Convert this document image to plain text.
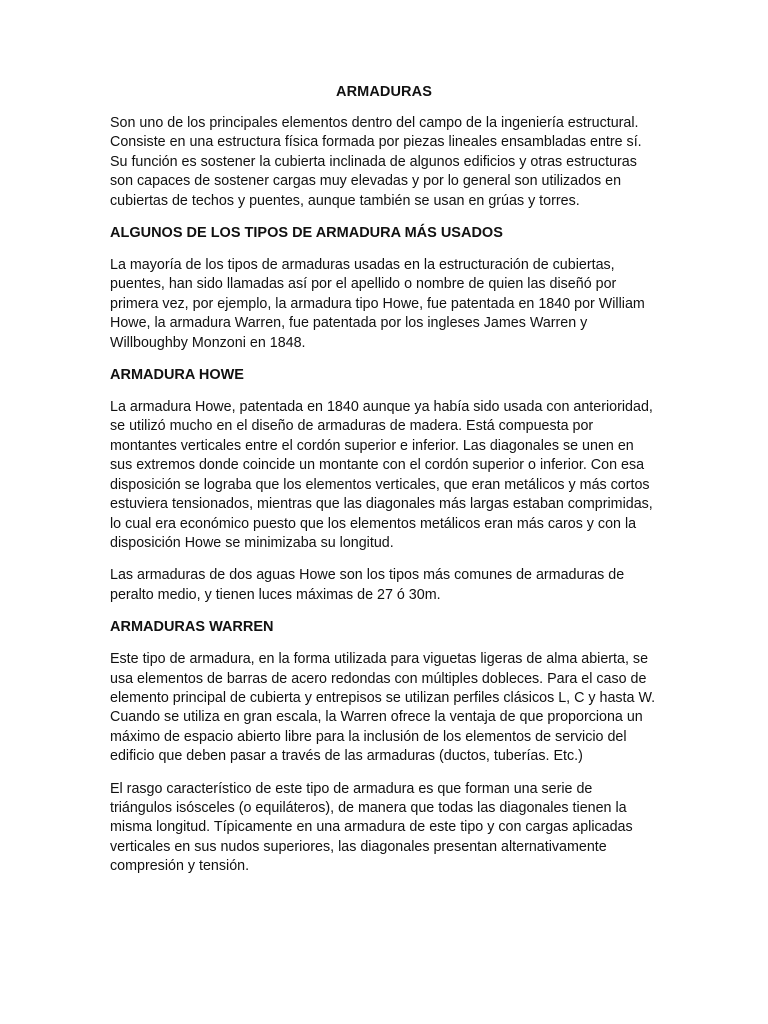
ARMADURAS

Son uno de los principales elementos dentro del campo de la ingeniería estructural. Consiste en una estructura física formada por piezas lineales ensambladas entre sí. Su función es sostener la cubierta inclinada de algunos edificios y otras estructuras son capaces de sostener cargas muy elevadas y por lo general son utilizados en cubiertas de techos y puentes, aunque también se usan en grúas y torres.

ALGUNOS DE LOS TIPOS DE ARMADURA MÁS USADOS

La mayoría de los tipos de armaduras usadas en la estructuración de cubiertas, puentes, han sido llamadas así por el apellido o nombre de quien las diseñó por primera vez, por ejemplo, la armadura tipo Howe, fue patentada en 1840 por William Howe, la armadura Warren, fue patentada por los ingleses James Warren y Willboughby Monzoni en 1848.

ARMADURA HOWE

La armadura Howe, patentada en 1840 aunque ya había sido usada con anterioridad, se utilizó mucho en el diseño de armaduras de madera. Está compuesta por montantes verticales entre el cordón superior e inferior. Las diagonales se unen en sus extremos donde coincide un montante con el cordón superior o inferior. Con esa disposición se lograba que los elementos verticales, que eran metálicos y más cortos estuviera tensionados, mientras que las diagonales más largas estaban comprimidas, lo cual era económico puesto que los elementos metálicos eran más caros y con la disposición Howe se minimizaba su longitud.

Las armaduras de dos aguas Howe son los tipos más comunes de armaduras de peralto medio, y tienen luces máximas de 27 ó 30m.

ARMADURAS WARREN

Este tipo de armadura, en la forma utilizada para viguetas ligeras de alma abierta, se usa elementos de barras de acero redondas con múltiples dobleces. Para el caso de elemento principal de cubierta y entrepisos se utilizan perfiles clásicos L, C y hasta W. Cuando se utiliza en gran escala, la Warren ofrece la ventaja de que proporciona un máximo de espacio abierto libre para la inclusión de los elementos de servicio del edificio que deben pasar a través de las armaduras (ductos, tuberías. Etc.)

El rasgo característico de este tipo de armadura es que forman una serie de triángulos isósceles (o equiláteros), de manera que todas las diagonales tienen la misma longitud. Típicamente en una armadura de este tipo y con cargas aplicadas verticales en sus nudos superiores, las diagonales presentan alternativamente compresión y tensión.
